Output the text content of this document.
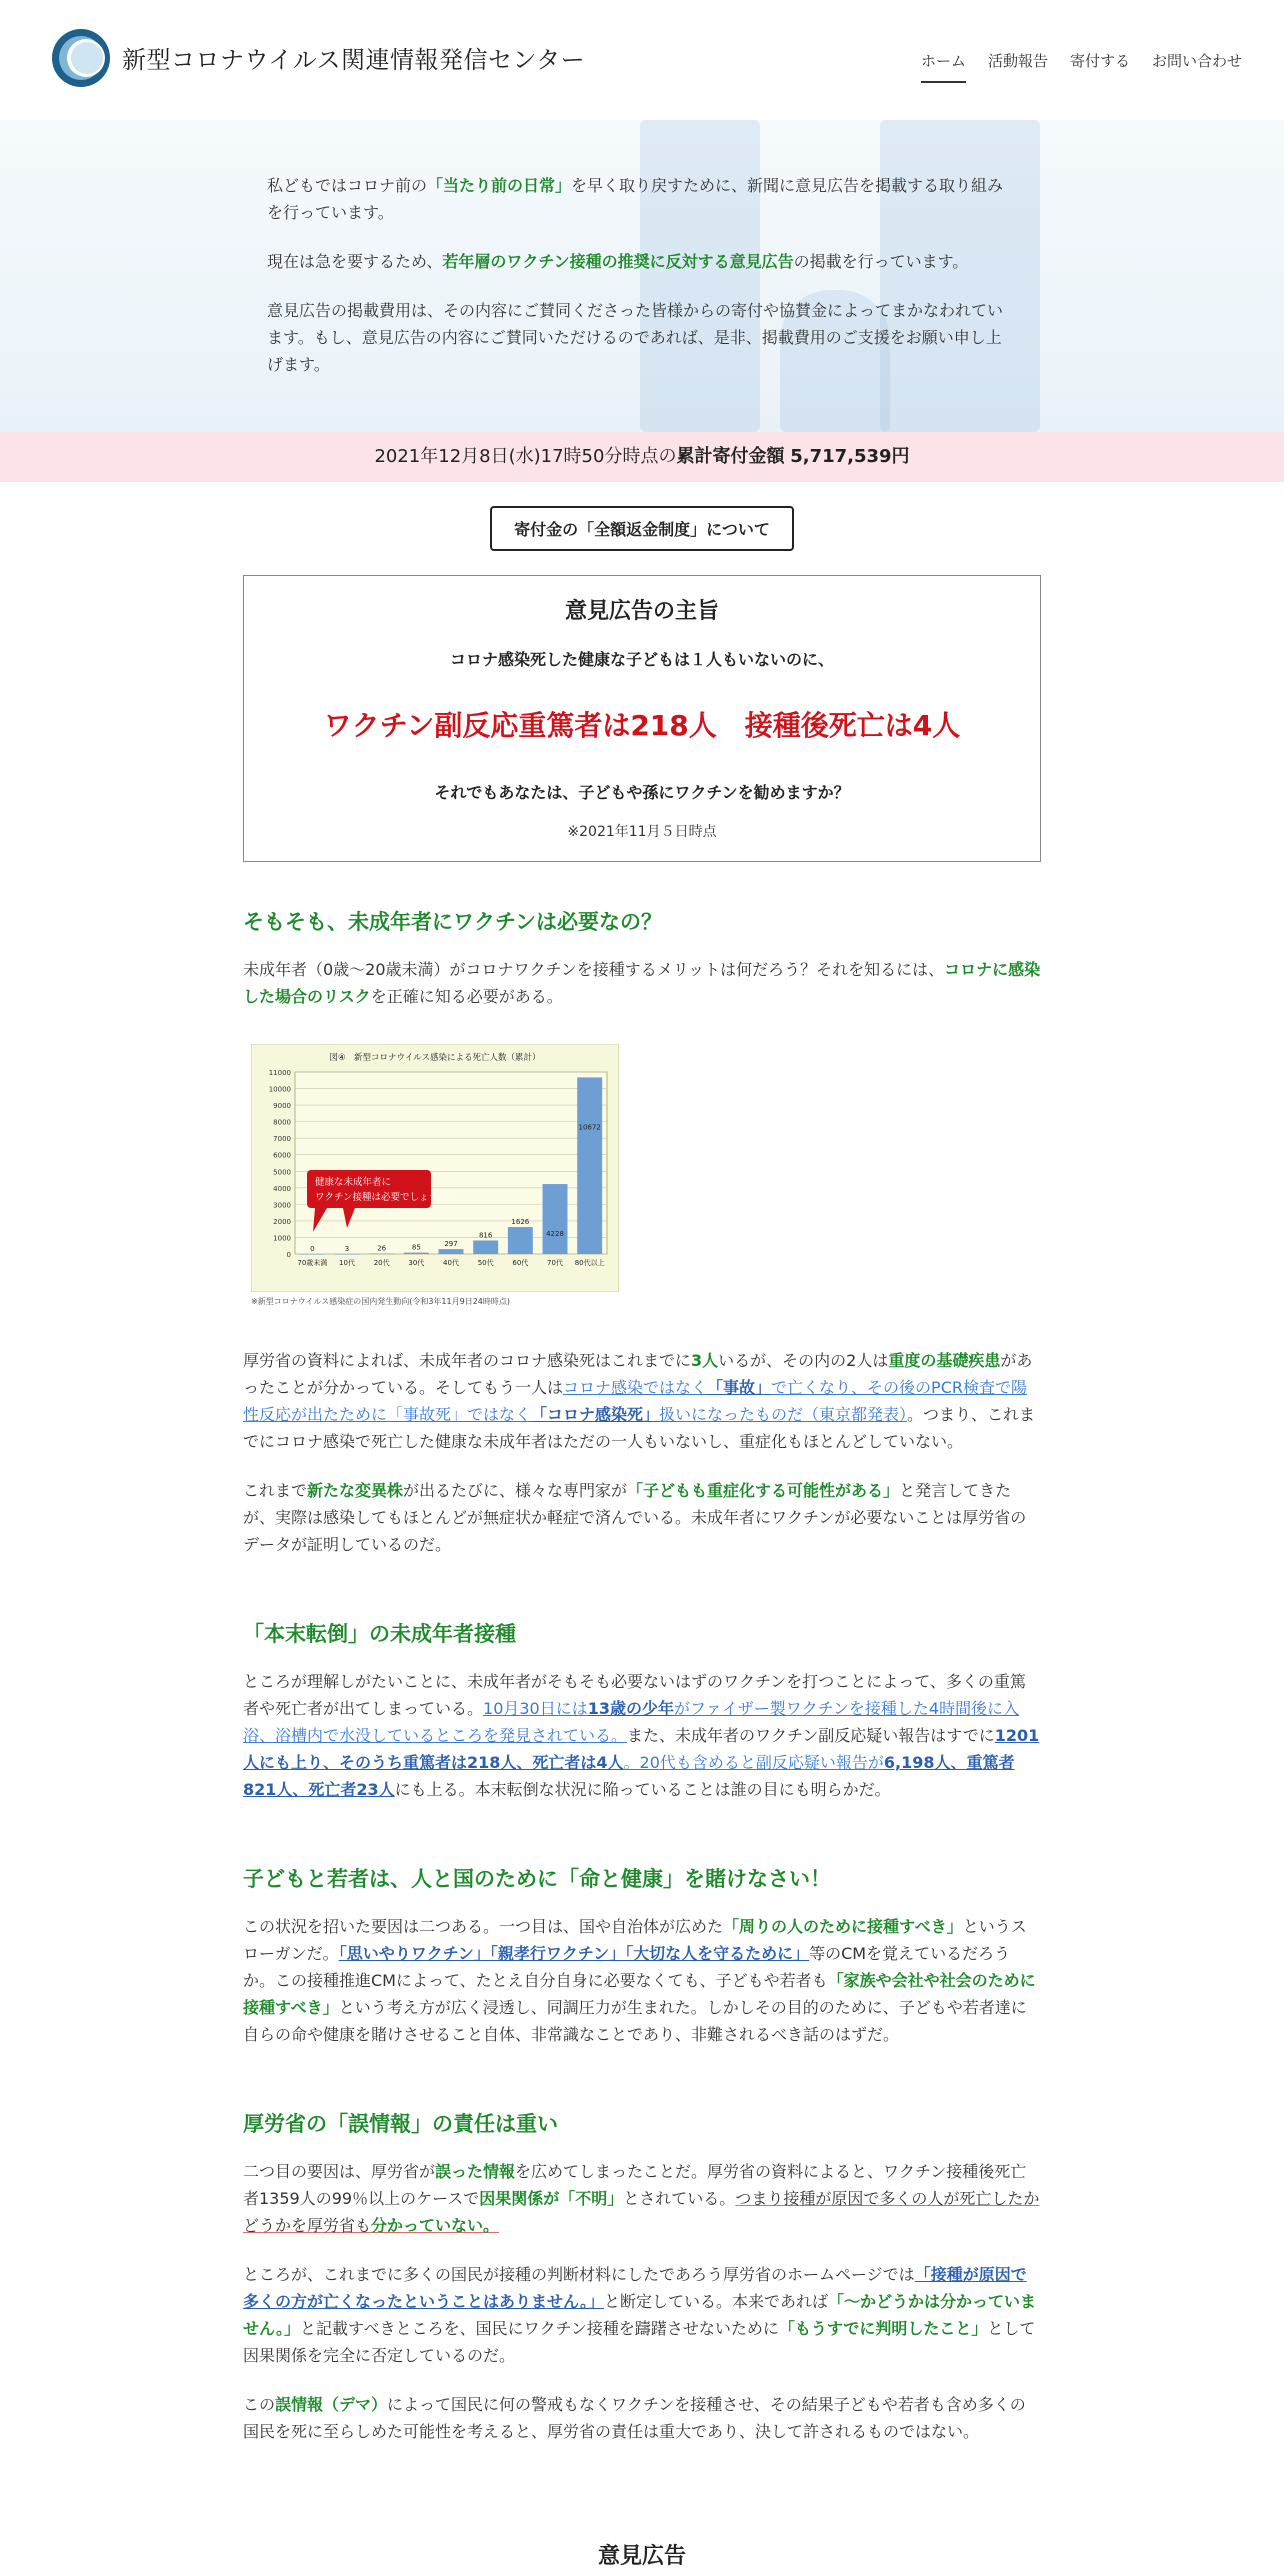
新型コロナウイルス関連情報発信センター	ホーム 活動報告 寄付する お問い合わせ

私どもではコロナ前の「当たり前の日常」を早く取り戻すために、新聞に意見広告を掲載する取り組みを行っています。

現在は急を要するため、若年層のワクチン接種の推奨に反対する意見広告の掲載を行っています。

意見広告の掲載費用は、その内容にご賛同くださった皆様からの寄付や協賛金によってまかなわれています。もし、意見広告の内容にご賛同いただけるのであれば、是非、掲載費用のご支援をお願い申し上げます。

2021年12月8日(水)17時50分時点の累計寄付金額 5,717,539円
寄付金の「全額返金制度」について
意見広告の主旨
コロナ感染死した健康な子どもは１人もいないのに、
ワクチン副反応重篤者は218人　接種後死亡は4人
それでもあなたは、子どもや孫にワクチンを勧めますか？
※2021年11月５日時点
そもそも、未成年者にワクチンは必要なの？

未成年者（0歳～20歳未満）がコロナワクチンを接種するメリットは何だろう？それを知るには、コロナに感染した場合のリスクを正確に知る必要がある。

図④　新型コロナウイルス感染による死亡人数（累計）
0
1000
2000
3000
4000
5000
6000
7000
8000
9000
10000
11000
0
70歳未満
3
10代
26
20代
85
30代
297
40代
816
50代
1626
60代
4228
70代
10672
80代以上
健康な未成年者に
ワクチン接種は必要でしょうか?
※新型コロナウイルス感染症の国内発生動向(令和3年11月9日24時時点)

厚労省の資料によれば、未成年者のコロナ感染死はこれまでに3人いるが、その内の2人は重度の基礎疾患があったことが分かっている。そしてもう一人はコロナ感染ではなく「事故」で亡くなり、その後のPCR検査で陽性反応が出たために「事故死」ではなく「コロナ感染死」扱いになったものだ（東京都発表）。つまり、これまでにコロナ感染で死亡した健康な未成年者はただの一人もいないし、重症化もほとんどしていない。

これまで新たな変異株が出るたびに、様々な専門家が「子どもも重症化する可能性がある」と発言してきたが、実際は感染してもほとんどが無症状か軽症で済んでいる。未成年者にワクチンが必要ないことは厚労省のデータが証明しているのだ。

「本末転倒」の未成年者接種

ところが理解しがたいことに、未成年者がそもそも必要ないはずのワクチンを打つことによって、多くの重篤者や死亡者が出てしまっている。10月30日には13歳の少年がファイザー製ワクチンを接種した4時間後に入浴、浴槽内で水没しているところを発見されている。また、未成年者のワクチン副反応疑い報告はすでに1201人にも上り、そのうち重篤者は218人、死亡者は4人。20代も含めると副反応疑い報告が6,198人、重篤者821人、死亡者23人にも上る。本末転倒な状況に陥っていることは誰の目にも明らかだ。

子どもと若者は、人と国のために「命と健康」を賭けなさい！

この状況を招いた要因は二つある。一つ目は、国や自治体が広めた「周りの人のために接種すべき」というスローガンだ。「思いやりワクチン」「親孝行ワクチン」「大切な人を守るために」等のCMを覚えているだろうか。この接種推進CMによって、たとえ自分自身に必要なくても、子どもや若者も「家族や会社や社会のために接種すべき」という考え方が広く浸透し、同調圧力が生まれた。しかしその目的のために、子どもや若者達に自らの命や健康を賭けさせること自体、非常識なことであり、非難されるべき話のはずだ。

厚労省の「誤情報」の責任は重い

二つ目の要因は、厚労省が誤った情報を広めてしまったことだ。厚労省の資料によると、ワクチン接種後死亡者1359人の99％以上のケースで因果関係が「不明」とされている。つまり接種が原因で多くの人が死亡したかどうかを厚労省も分かっていない。

ところが、これまでに多くの国民が接種の判断材料にしたであろう厚労省のホームページでは「接種が原因で多くの方が亡くなったということはありません。」と断定している。本来であれば「～かどうかは分かっていません。」と記載すべきところを、国民にワクチン接種を躊躇させないために「もうすでに判明したこと」として因果関係を完全に否定しているのだ。

この誤情報（デマ）によって国民に何の警戒もなくワクチンを接種させ、その結果子どもや若者も含め多くの国民を死に至らしめた可能性を考えると、厚労省の責任は重大であり、決して許されるものではない。

意見広告
